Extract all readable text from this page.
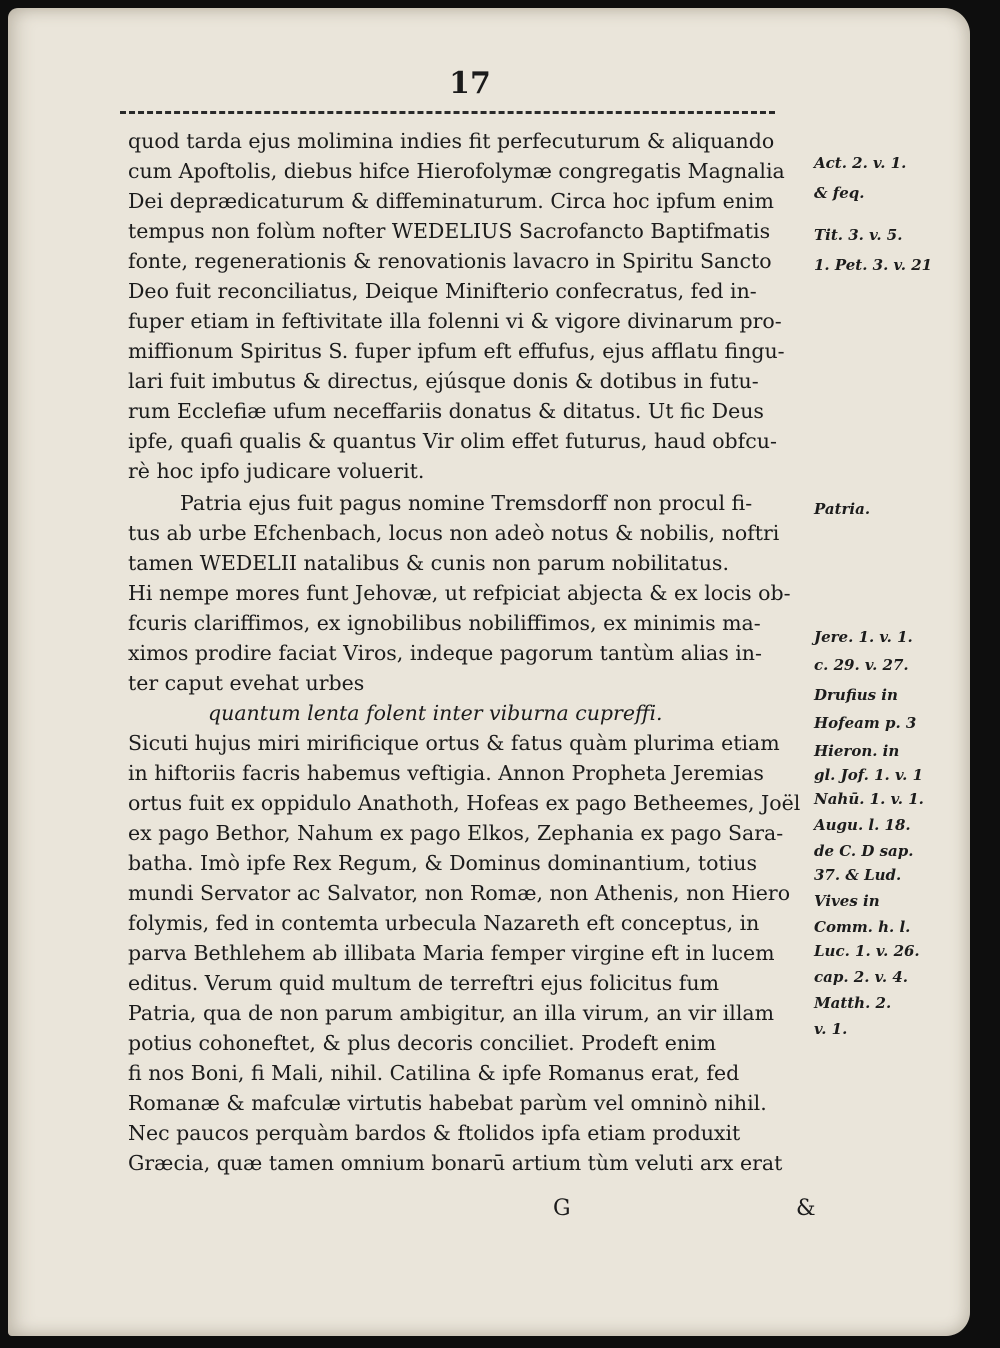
17
quod tarda ejus molimina indies fit perfecuturum & aliquando
cum Apoftolis, diebus hifce Hierofolymæ congregatis Magnalia
Dei deprædicaturum & diffeminaturum. Circa hoc ipfum enim
tempus non folùm nofter WEDELIUS Sacrofancto Baptifmatis
fonte, regenerationis & renovationis lavacro in Spiritu Sancto
Deo fuit reconciliatus, Deique Minifterio confecratus, fed in-
fuper etiam in feftivitate illa folenni vi & vigore divinarum pro-
miffionum Spiritus S. fuper ipfum eft effufus, ejus afflatu fingu-
lari fuit imbutus & directus, ejúsque donis & dotibus in futu-
rum Ecclefiæ ufum neceffariis donatus & ditatus. Ut fic Deus
ipfe, quafi qualis & quantus Vir olim effet futurus, haud obfcu-
rè hoc ipfo judicare voluerit.
Patria ejus fuit pagus nomine Tremsdorff non procul fi-
tus ab urbe Efchenbach, locus non adeò notus & nobilis, noftri
tamen WEDELII natalibus & cunis non parum nobilitatus.
Hi nempe mores funt Jehovæ, ut refpiciat abjecta & ex locis ob-
fcuris clariffimos, ex ignobilibus nobiliffimos, ex minimis ma-
ximos prodire faciat Viros, indeque pagorum tantùm alias in-
ter caput evehat urbes
quantum lenta folent inter viburna cupreffi.
Sicuti hujus miri mirificique ortus & fatus quàm plurima etiam
in hiftoriis facris habemus veftigia. Annon Propheta Jeremias
ortus fuit ex oppidulo Anathoth, Hofeas ex pago Betheemes, Joël
ex pago Bethor, Nahum ex pago Elkos, Zephania ex pago Sara-
batha. Imò ipfe Rex Regum, & Dominus dominantium, totius
mundi Servator ac Salvator, non Romæ, non Athenis, non Hiero
folymis, fed in contemta urbecula Nazareth eft conceptus, in
parva Bethlehem ab illibata Maria femper virgine eft in lucem
editus. Verum quid multum de terreftri ejus folicitus fum
Patria, qua de non parum ambigitur, an illa virum, an vir illam
potius cohoneftet, & plus decoris conciliet. Prodeft enim
fi nos Boni, fi Mali, nihil. Catilina & ipfe Romanus erat, fed
Romanæ & mafculæ virtutis habebat parùm vel omninò nihil.
Nec paucos perquàm bardos & ftolidos ipfa etiam produxit
Græcia, quæ tamen omnium bonarū artium tùm veluti arx erat
Act. 2. v. 1.
& feq.
Tit. 3. v. 5.
1. Pet. 3. v. 21
Patria.
Jere. 1. v. 1.
c. 29. v. 27.
Drufius in
Hofeam p. 3
Hieron. in
gl. Jof. 1. v. 1
Nahū. 1. v. 1.
Augu. l. 18.
de C. D sap.
37. & Lud.
Vives in
Comm. h. l.
Luc. 1. v. 26.
cap. 2. v. 4.
Matth. 2.
v. 1.
G	&
